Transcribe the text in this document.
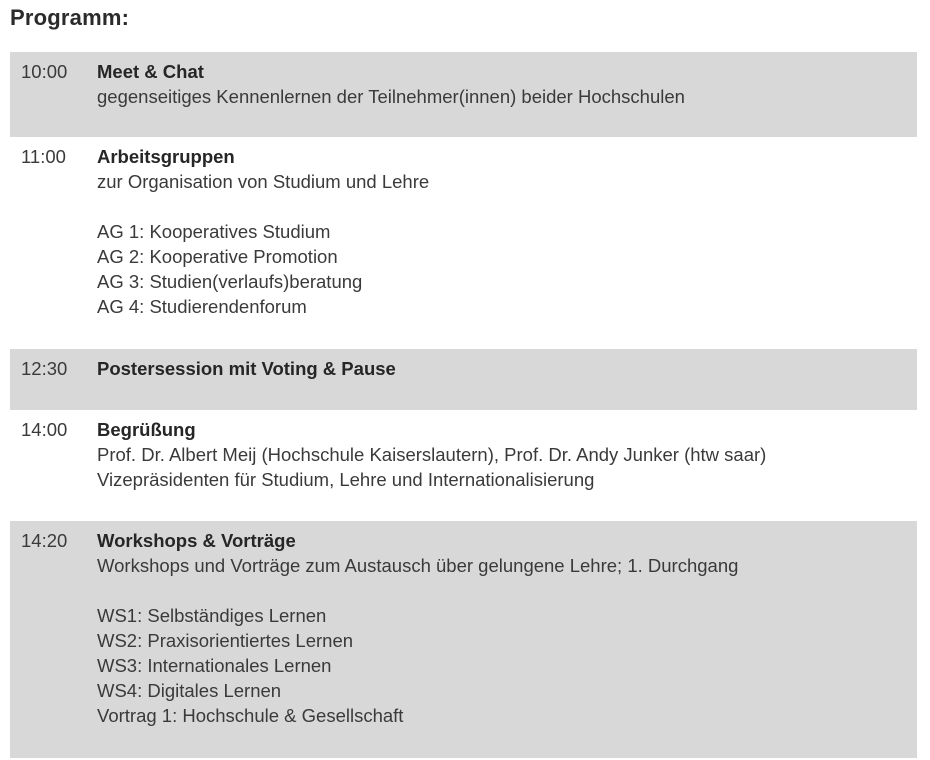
Programm:
10:00 Meet & Chat
gegenseitiges Kennenlernen der Teilnehmer(innen) beider Hochschulen
11:00 Arbeitsgruppen
zur Organisation von Studium und Lehre
AG 1: Kooperatives Studium
AG 2: Kooperative Promotion
AG 3: Studien(verlaufs)beratung
AG 4: Studierendenforum
12:30 Postersession mit Voting & Pause
14:00 Begrüßung
Prof. Dr. Albert Meij (Hochschule Kaiserslautern), Prof. Dr. Andy Junker (htw saar)
Vizepräsidenten für Studium, Lehre und Internationalisierung
14:20 Workshops & Vorträge
Workshops und Vorträge zum Austausch über gelungene Lehre; 1. Durchgang
WS1: Selbständiges Lernen
WS2: Praxisorientiertes Lernen
WS3: Internationales Lernen
WS4: Digitales Lernen
Vortrag 1: Hochschule & Gesellschaft
